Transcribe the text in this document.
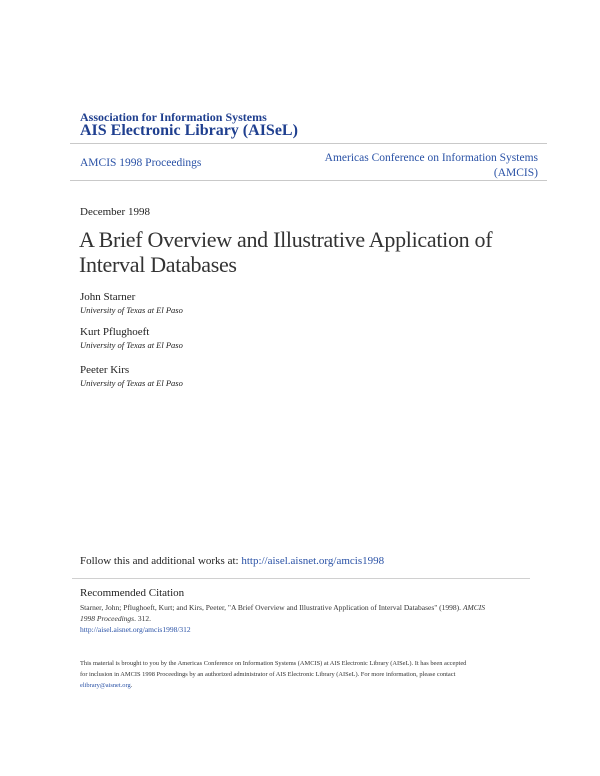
Association for Information Systems
AIS Electronic Library (AISeL)
AMCIS 1998 Proceedings	Americas Conference on Information Systems
(AMCIS)
December 1998
A Brief Overview and Illustrative Application of
Interval Databases
John Starner
University of Texas at El Paso
Kurt Pflughoeft
University of Texas at El Paso
Peeter Kirs
University of Texas at El Paso
Follow this and additional works at: http://aisel.aisnet.org/amcis1998
Recommended Citation
Starner, John; Pflughoeft, Kurt; and Kirs, Peeter, "A Brief Overview and Illustrative Application of Interval Databases" (1998). AMCIS
1998 Proceedings. 312.
http://aisel.aisnet.org/amcis1998/312
This material is brought to you by the Americas Conference on Information Systems (AMCIS) at AIS Electronic Library (AISeL). It has been accepted
for inclusion in AMCIS 1998 Proceedings by an authorized administrator of AIS Electronic Library (AISeL). For more information, please contact
elibrary@aisnet.org.
